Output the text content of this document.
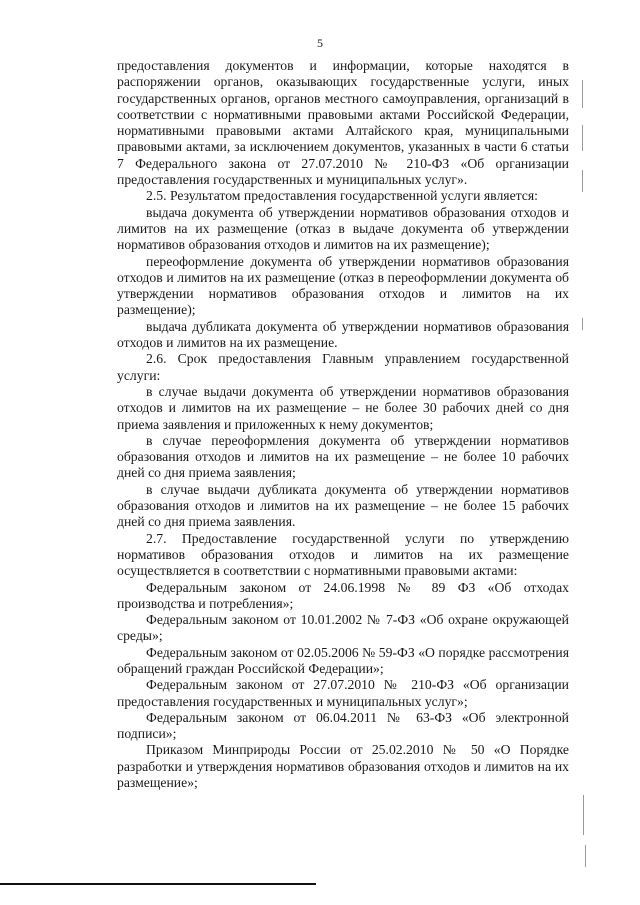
5

предоставления документов и информации, которые находятся в распоряжении органов, оказывающих государственные услуги, иных государственных органов, органов местного самоуправления, организаций в соответствии с нормативными правовыми актами Российской Федерации, нормативными правовыми актами Алтайского края, муниципальными правовыми актами, за исключением документов, указанных в части 6 статьи 7 Федерального закона от 27.07.2010 № 210-ФЗ «Об организации предоставления государственных и муниципальных услуг».

2.5. Результатом предоставления государственной услуги является:

выдача документа об утверждении нормативов образования отходов и лимитов на их размещение (отказ в выдаче документа об утверждении нормативов образования отходов и лимитов на их размещение);

переоформление документа об утверждении нормативов образования отходов и лимитов на их размещение (отказ в переоформлении документа об утверждении нормативов образования отходов и лимитов на их размещение);

выдача дубликата документа об утверждении нормативов образования отходов и лимитов на их размещение.

2.6. Срок предоставления Главным управлением государственной услуги:

в случае выдачи документа об утверждении нормативов образования отходов и лимитов на их размещение – не более 30 рабочих дней со дня приема заявления и приложенных к нему документов;

в случае переоформления документа об утверждении нормативов образования отходов и лимитов на их размещение – не более 10 рабочих дней со дня приема заявления;

в случае выдачи дубликата документа об утверждении нормативов образования отходов и лимитов на их размещение – не более 15 рабочих дней со дня приема заявления.

2.7. Предоставление государственной услуги по утверждению нормативов образования отходов и лимитов на их размещение осуществляется в соответствии с нормативными правовыми актами:

Федеральным законом от 24.06.1998 № 89 ФЗ «Об отходах производства и потребления»;

Федеральным законом от 10.01.2002 № 7-ФЗ «Об охране окружающей среды»;

Федеральным законом от 02.05.2006 № 59-ФЗ «О порядке рассмотрения обращений граждан Российской Федерации»;

Федеральным законом от 27.07.2010 № 210-ФЗ «Об организации предоставления государственных и муниципальных услуг»;

Федеральным законом от 06.04.2011 № 63-ФЗ «Об электронной подписи»;

Приказом Минприроды России от 25.02.2010 № 50 «О Порядке разработки и утверждения нормативов образования отходов и лимитов на их размещение»;
